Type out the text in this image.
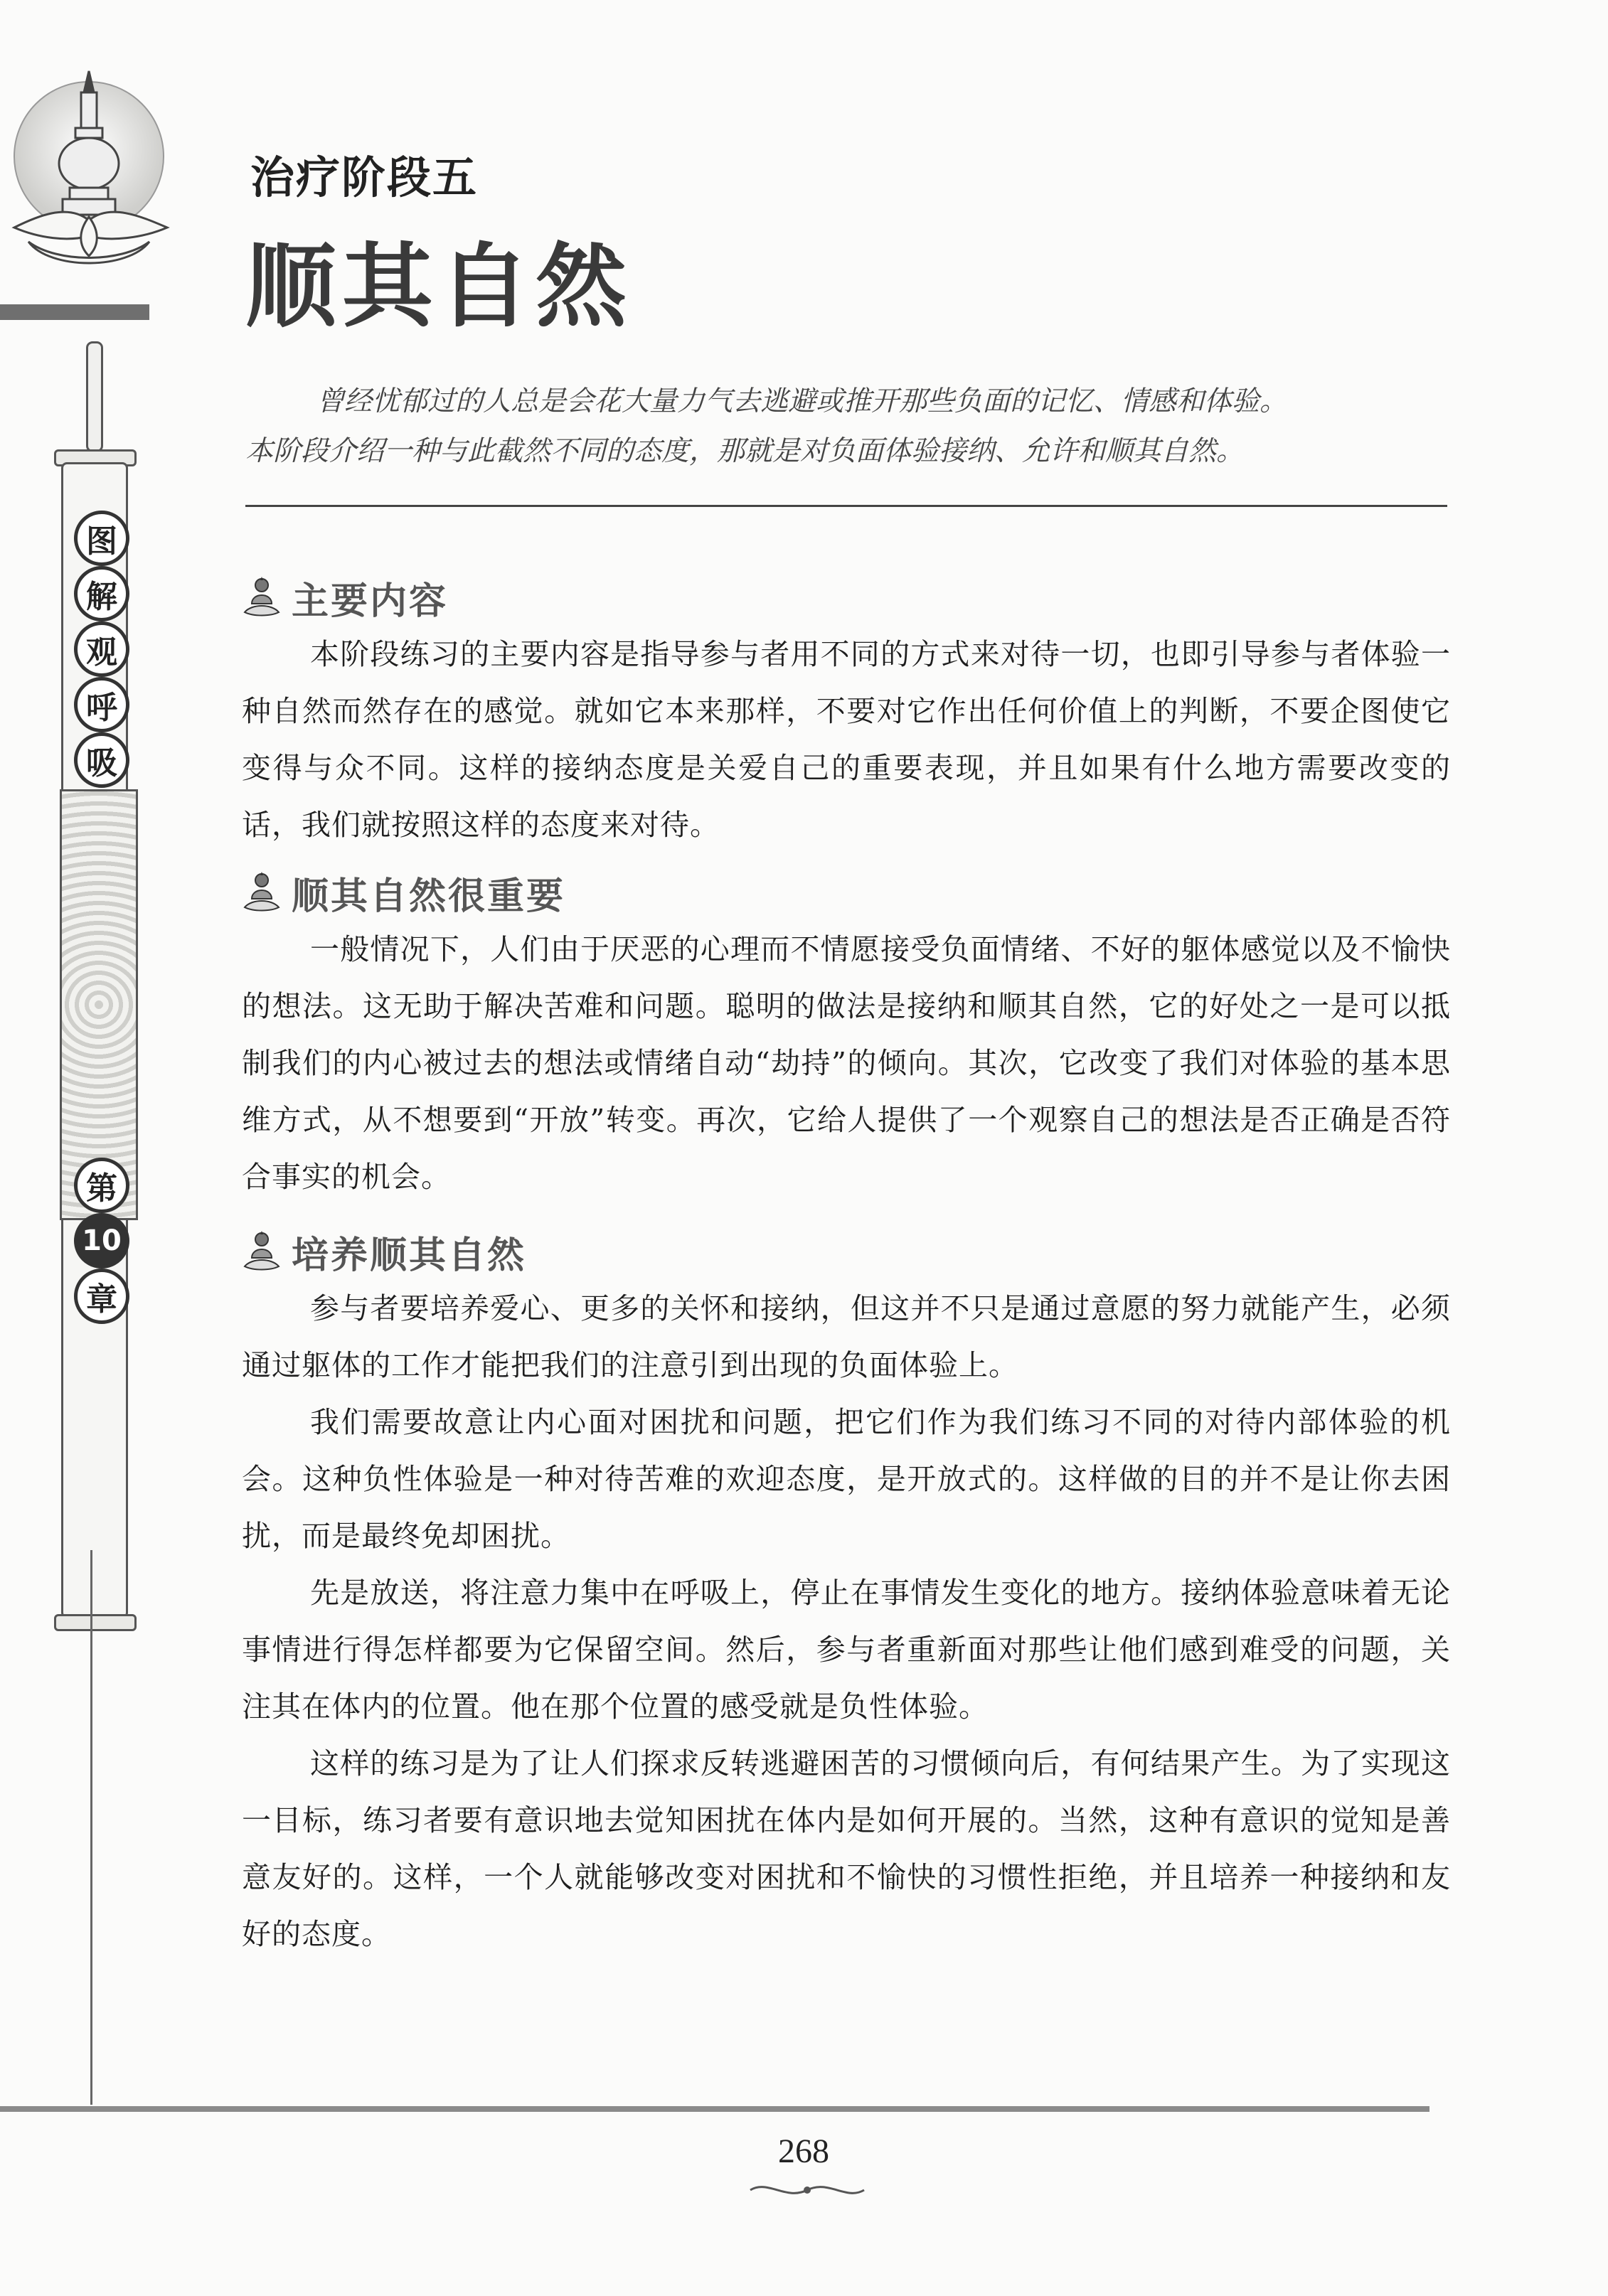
图
解
观
呼
吸
第
10
章
治疗阶段五
顺其自然

曾经忧郁过的人总是会花大量力气去逃避或推开那些负面的记忆、情感和体验。

本阶段介绍一种与此截然不同的态度，那就是对负面体验接纳、允许和顺其自然。

主要内容

本阶段练习的主要内容是指导参与者用不同的方式来对待一切，也即引导参与者体验一种自然而然存在的感觉。就如它本来那样，不要对它作出任何价值上的判断，不要企图使它变得与众不同。这样的接纳态度是关爱自己的重要表现，并且如果有什么地方需要改变的话，我们就按照这样的态度来对待。

顺其自然很重要

一般情况下，人们由于厌恶的心理而不情愿接受负面情绪、不好的躯体感觉以及不愉快的想法。这无助于解决苦难和问题。聪明的做法是接纳和顺其自然，它的好处之一是可以抵制我们的内心被过去的想法或情绪自动“劫持”的倾向。其次，它改变了我们对体验的基本思维方式，从不想要到“开放”转变。再次，它给人提供了一个观察自己的想法是否正确是否符合事实的机会。

培养顺其自然

参与者要培养爱心、更多的关怀和接纳，但这并不只是通过意愿的努力就能产生，必须通过躯体的工作才能把我们的注意引到出现的负面体验上。

我们需要故意让内心面对困扰和问题，把它们作为我们练习不同的对待内部体验的机会。这种负性体验是一种对待苦难的欢迎态度，是开放式的。这样做的目的并不是让你去困扰，而是最终免却困扰。

先是放送，将注意力集中在呼吸上，停止在事情发生变化的地方。接纳体验意味着无论事情进行得怎样都要为它保留空间。然后，参与者重新面对那些让他们感到难受的问题，关注其在体内的位置。他在那个位置的感受就是负性体验。

这样的练习是为了让人们探求反转逃避困苦的习惯倾向后，有何结果产生。为了实现这一目标，练习者要有意识地去觉知困扰在体内是如何开展的。当然，这种有意识的觉知是善意友好的。这样，一个人就能够改变对困扰和不愉快的习惯性拒绝，并且培养一种接纳和友好的态度。

268
